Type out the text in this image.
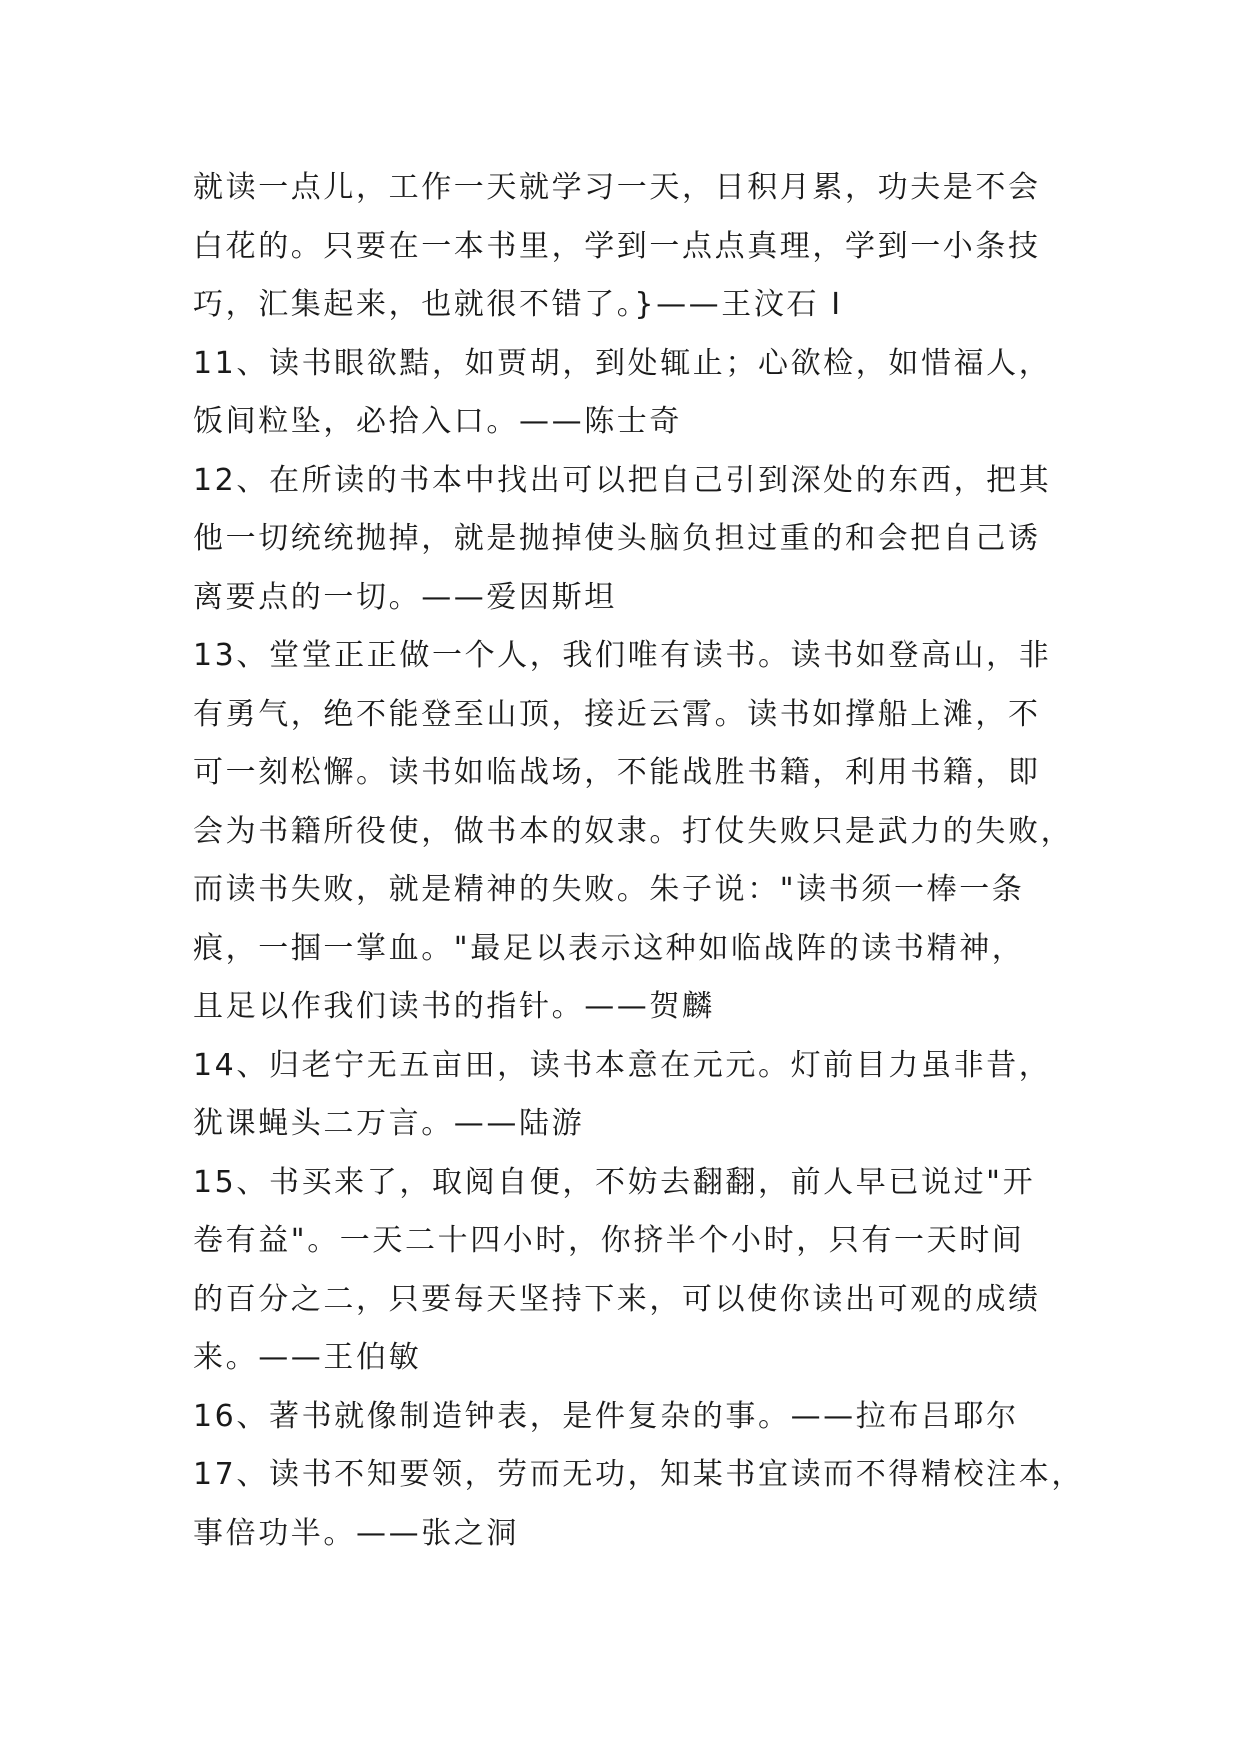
就读一点儿，工作一天就学习一天，日积月累，功夫是不会
白花的。只要在一本书里，学到一点点真理，学到一小条技
巧，汇集起来，也就很不错了。}——王汶石 I
11、读书眼欲黠，如贾胡，到处辄止；心欲检，如惜福人，
饭间粒坠，必拾入口。——陈士奇
12、在所读的书本中找出可以把自己引到深处的东西，把其
他一切统统抛掉，就是抛掉使头脑负担过重的和会把自己诱
离要点的一切。——爱因斯坦
13、堂堂正正做一个人，我们唯有读书。读书如登高山，非
有勇气，绝不能登至山顶，接近云霄。读书如撑船上滩，不
可一刻松懈。读书如临战场，不能战胜书籍，利用书籍，即
会为书籍所役使，做书本的奴隶。打仗失败只是武力的失败，
而读书失败，就是精神的失败。朱子说："读书须一棒一条
痕，一掴一掌血。"最足以表示这种如临战阵的读书精神，
且足以作我们读书的指针。——贺麟
14、归老宁无五亩田，读书本意在元元。灯前目力虽非昔，
犹课蝇头二万言。——陆游
15、书买来了，取阅自便，不妨去翻翻，前人早已说过"开
卷有益"。一天二十四小时，你挤半个小时，只有一天时间
的百分之二，只要每天坚持下来，可以使你读出可观的成绩
来。——王伯敏
16、著书就像制造钟表，是件复杂的事。——拉布吕耶尔
17、读书不知要领，劳而无功，知某书宜读而不得精校注本，
事倍功半。——张之洞
